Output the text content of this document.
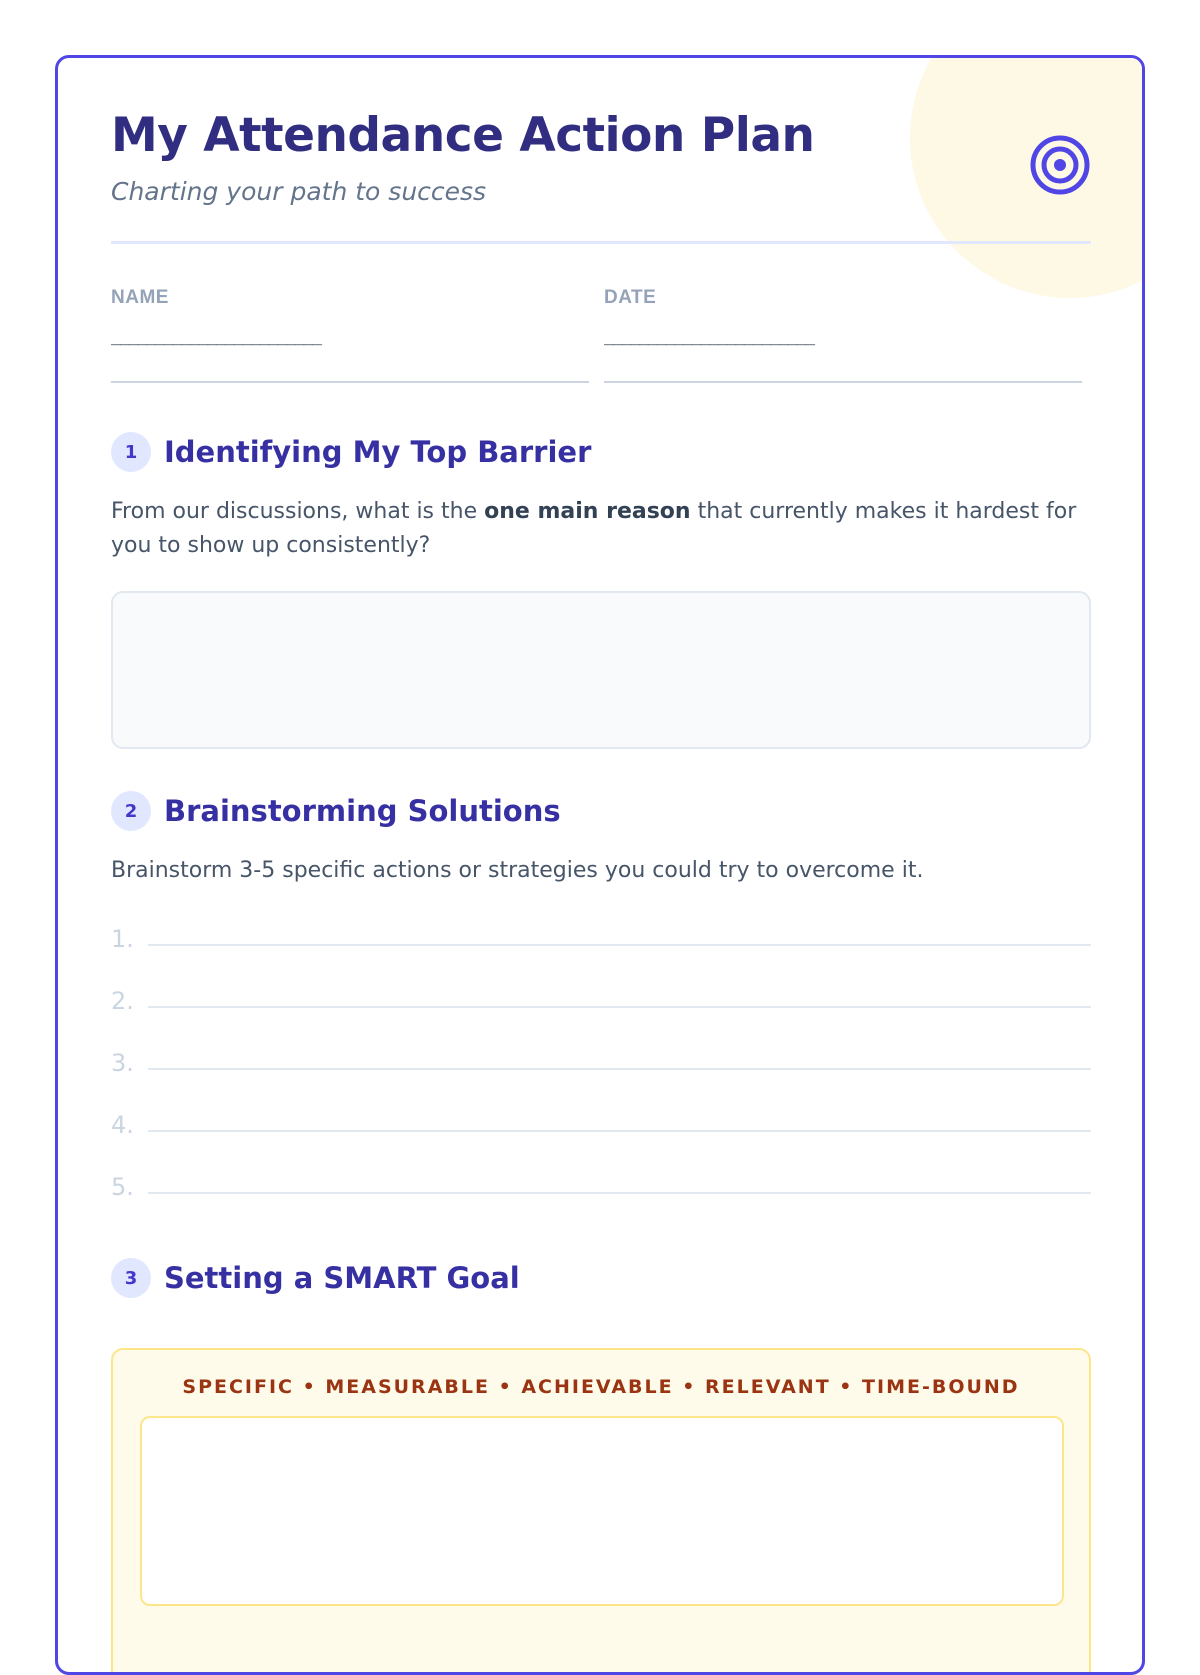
My Attendance Action Plan
Charting your path to success
NAME
________________________
DATE
________________________
1 Identifying My Top Barrier
From our discussions, what is the one main reason that currently makes it hardest for you to show up consistently?
2 Brainstorming Solutions
Brainstorm 3-5 specific actions or strategies you could try to overcome it.
1.
2.
3.
4.
5.
3 Setting a SMART Goal
SPECIFIC • MEASURABLE • ACHIEVABLE • RELEVANT • TIME-BOUND
